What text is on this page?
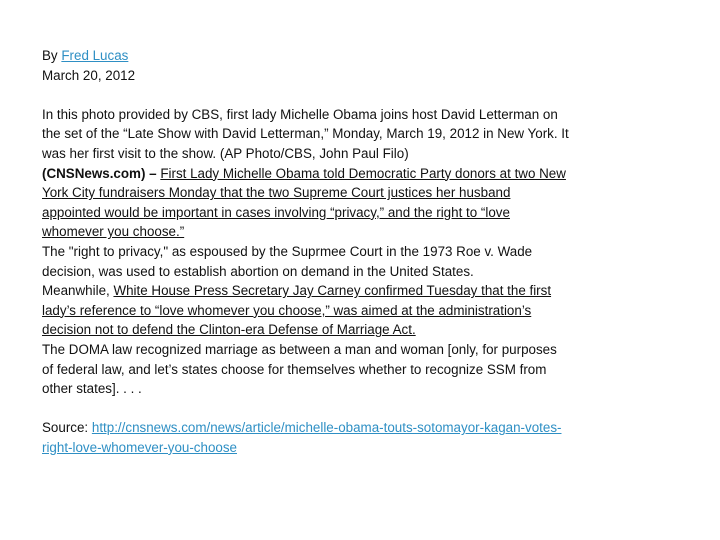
By Fred Lucas
March 20, 2012
In this photo provided by CBS, first lady Michelle Obama joins host David Letterman on
the set of the “Late Show with David Letterman,” Monday, March 19, 2012 in New York. It
was her first visit to the show. (AP Photo/CBS, John Paul Filo)
(CNSNews.com) – First Lady Michelle Obama told Democratic Party donors at two New
York City fundraisers Monday that the two Supreme Court justices her husband
appointed would be important in cases involving “privacy,” and the right to “love
whomever you choose.”
The "right to privacy," as espoused by the Suprmee Court in the 1973 Roe v. Wade
decision, was used to establish abortion on demand in the United States.
Meanwhile, White House Press Secretary Jay Carney confirmed Tuesday that the first
lady’s reference to “love whomever you choose,” was aimed at the administration’s
decision not to defend the Clinton-era Defense of Marriage Act.
The DOMA law recognized marriage as between a man and woman [only, for purposes
of federal law, and let’s states choose for themselves whether to recognize SSM from
other states]. . . .
Source: http://cnsnews.com/news/article/michelle-obama-touts-sotomayor-kagan-votes-
right-love-whomever-you-choose
